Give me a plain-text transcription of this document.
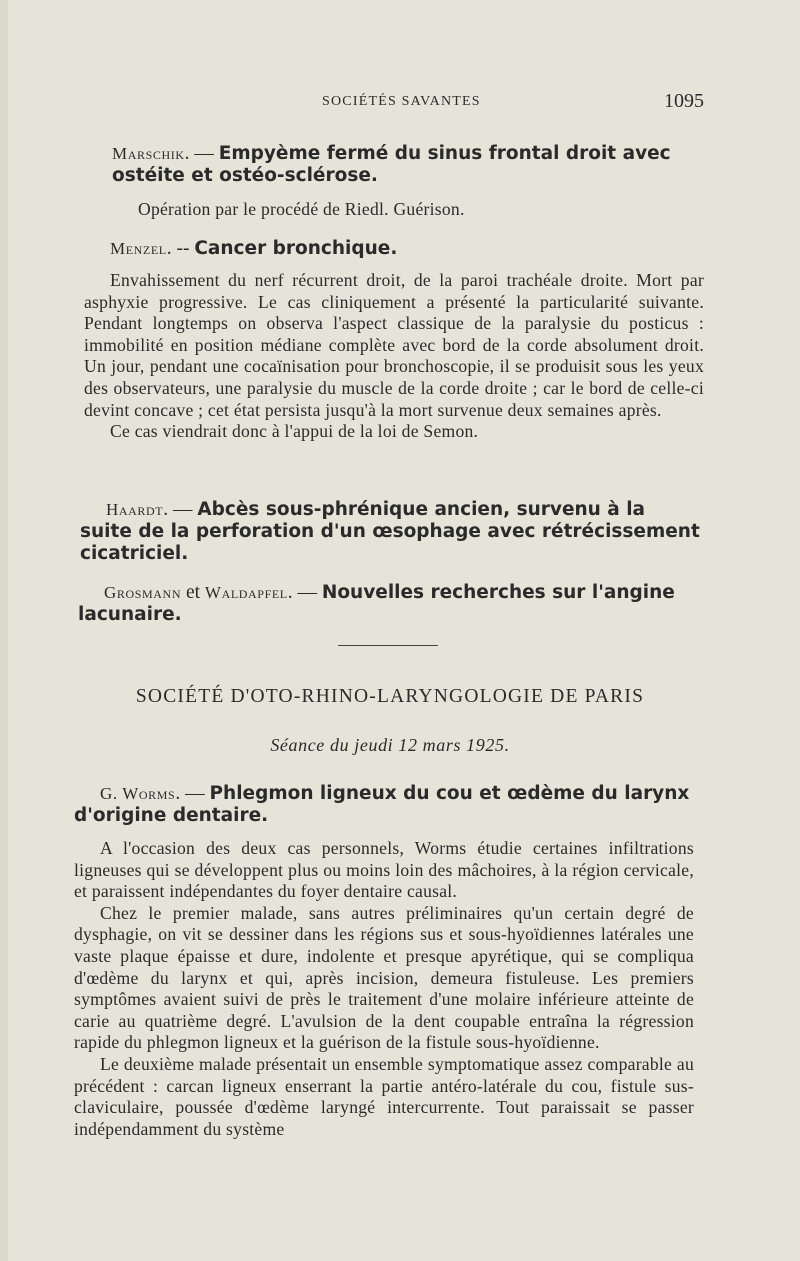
SOCIÉTÉS SAVANTES	1095

Marschik. — Empyème fermé du sinus frontal droit avec ostéite et ostéo-sclérose.

Opération par le procédé de Riedl. Guérison.

Menzel. -- Cancer bronchique.

Envahissement du nerf récurrent droit, de la paroi trachéale droite. Mort par asphyxie progressive. Le cas cliniquement a présenté la particularité suivante. Pendant longtemps on observa l'aspect classique de la paralysie du posticus : immobilité en position médiane complète avec bord de la corde absolument droit. Un jour, pendant une cocaïnisation pour bronchoscopie, il se produisit sous les yeux des observateurs, une paralysie du muscle de la corde droite ; car le bord de celle-ci devint concave ; cet état persista jusqu'à la mort survenue deux semaines après.

Ce cas viendrait donc à l'appui de la loi de Semon.

Haardt. — Abcès sous-phrénique ancien, survenu à la suite de la perforation d'un œsophage avec rétrécissement cicatriciel.

Grosmann et Waldapfel. — Nouvelles recherches sur l'angine lacunaire.

SOCIÉTÉ D'OTO-RHINO-LARYNGOLOGIE DE PARIS
Séance du jeudi 12 mars 1925.

G. Worms. — Phlegmon ligneux du cou et œdème du larynx d'origine dentaire.

A l'occasion des deux cas personnels, Worms étudie certaines infiltrations ligneuses qui se développent plus ou moins loin des mâchoires, à la région cervicale, et paraissent indépendantes du foyer dentaire causal.

Chez le premier malade, sans autres préliminaires qu'un certain degré de dysphagie, on vit se dessiner dans les régions sus et sous-hyoïdiennes latérales une vaste plaque épaisse et dure, indolente et presque apyrétique, qui se compliqua d'œdème du larynx et qui, après incision, demeura fistuleuse. Les premiers symptômes avaient suivi de près le traitement d'une molaire inférieure atteinte de carie au quatrième degré. L'avulsion de la dent coupable entraîna la régression rapide du phlegmon ligneux et la guérison de la fistule sous-hyoïdienne.

Le deuxième malade présentait un ensemble symptomatique assez comparable au précédent : carcan ligneux enserrant la partie antéro-latérale du cou, fistule sus-claviculaire, poussée d'œdème laryngé intercurrente. Tout paraissait se passer indépendamment du système
